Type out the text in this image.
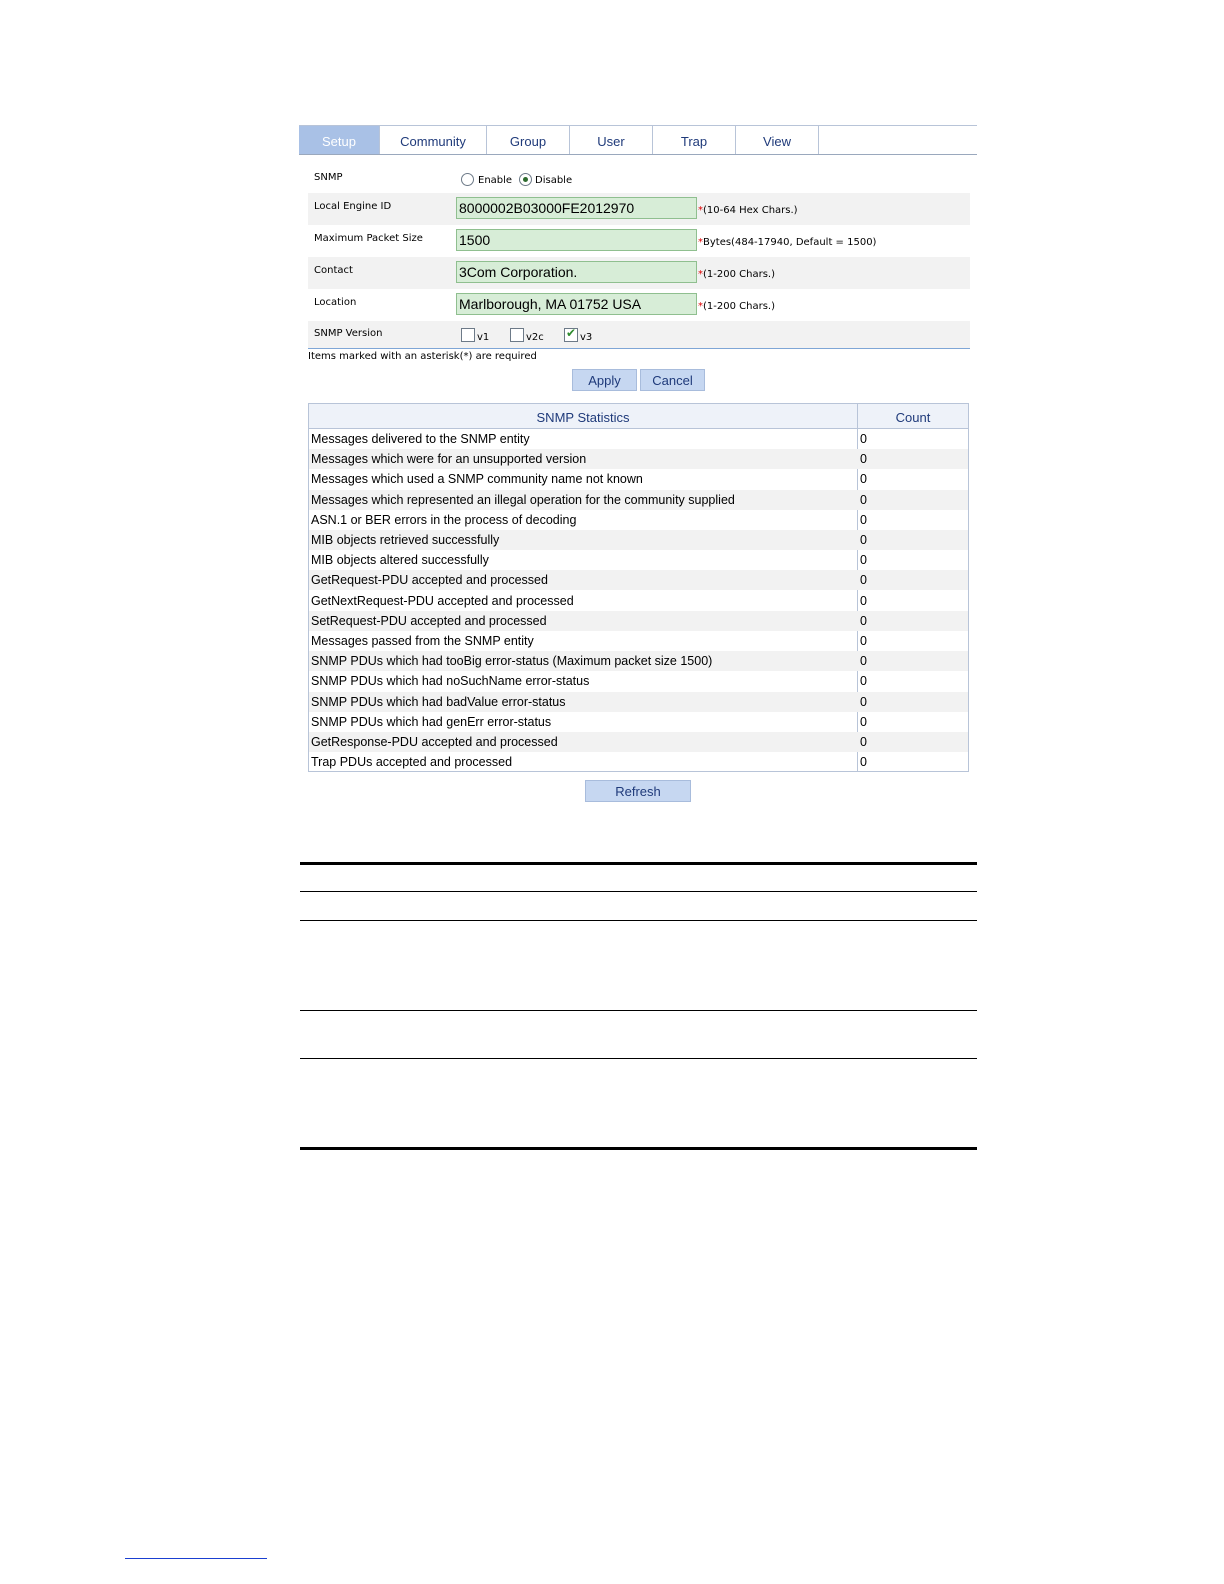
Setup	Community	Group	User	Trap	View
SNMP	Enable Disable
Local Engine ID	8000002B03000FE2012970	*(10-64 Hex Chars.)
Maximum Packet Size	1500	*Bytes(484-17940, Default = 1500)
Contact	3Com Corporation.	*(1-200 Chars.)
Location	Marlborough, MA 01752 USA	*(1-200 Chars.)
SNMP Version	v1	v2c ✔	v3
Items marked with an asterisk(*) are required
Apply	Cancel
SNMP Statistics	Count
Messages delivered to the SNMP entity	0
Messages which were for an unsupported version	0
Messages which used a SNMP community name not known	0
Messages which represented an illegal operation for the community supplied	0
ASN.1 or BER errors in the process of decoding	0
MIB objects retrieved successfully	0
MIB objects altered successfully	0
GetRequest-PDU accepted and processed	0
GetNextRequest-PDU accepted and processed	0
SetRequest-PDU accepted and processed	0
Messages passed from the SNMP entity	0
SNMP PDUs which had tooBig error-status (Maximum packet size 1500)	0
SNMP PDUs which had noSuchName error-status	0
SNMP PDUs which had badValue error-status	0
SNMP PDUs which had genErr error-status	0
GetResponse-PDU accepted and processed	0
Trap PDUs accepted and processed	0
Refresh
